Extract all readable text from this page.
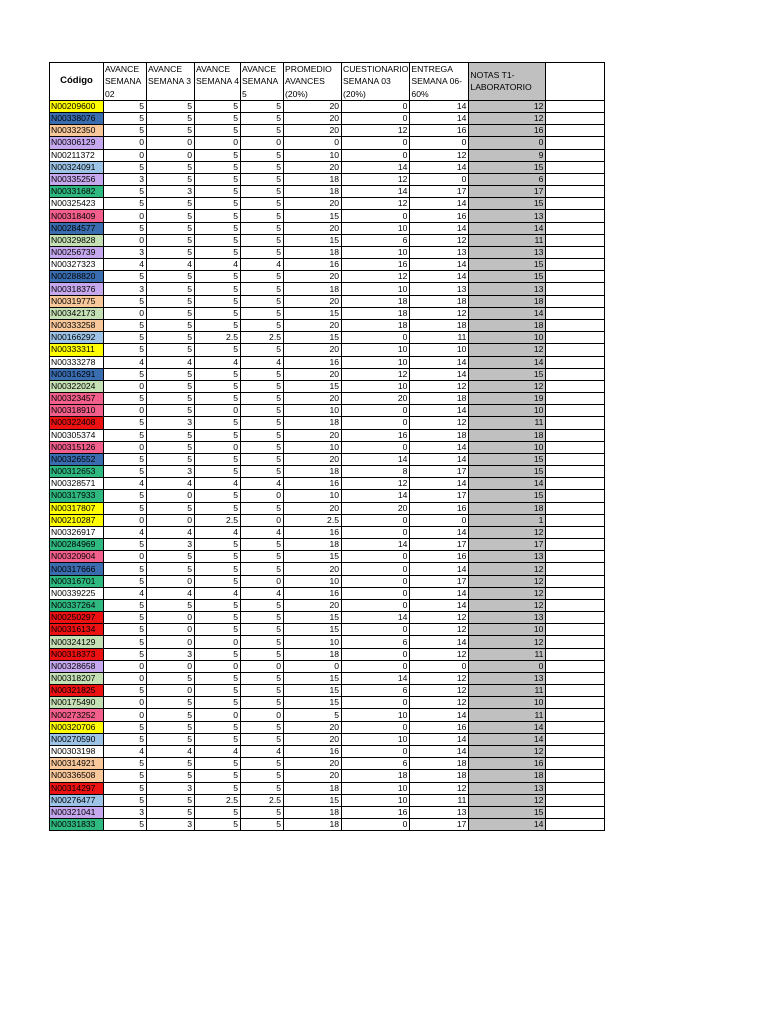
Código	AVANCE SEMANA 02	AVANCE SEMANA 3	AVANCE SEMANA 4	AVANCE SEMANA 5	PROMEDIO AVANCES (20%)	CUESTIONARIO SEMANA 03 (20%)	ENTREGA SEMANA 06- 60%	NOTAS T1- LABORATORIO	
N00209600	5	5	5	5	20	0	14	12	
N00338076	5	5	5	5	20	0	14	12	
N00332350	5	5	5	5	20	12	16	16	
N00306129	0	0	0	0	0	0	0	0	
N00211372	0	0	5	5	10	0	12	9	
N00324091	5	5	5	5	20	14	14	15	
N00335256	3	5	5	5	18	12	0	6	
N00331682	5	3	5	5	18	14	17	17	
N00325423	5	5	5	5	20	12	14	15	
N00318409	0	5	5	5	15	0	16	13	
N00284577	5	5	5	5	20	10	14	14	
N00329828	0	5	5	5	15	6	12	11	
N00256739	3	5	5	5	18	10	13	13	
N00327323	4	4	4	4	16	16	14	15	
N00288820	5	5	5	5	20	12	14	15	
N00318376	3	5	5	5	18	10	13	13	
N00319775	5	5	5	5	20	18	18	18	
N00342173	0	5	5	5	15	18	12	14	
N00333258	5	5	5	5	20	18	18	18	
N00166292	5	5	2.5	2.5	15	0	11	10	
N00333311	5	5	5	5	20	10	10	12	
N00333278	4	4	4	4	16	10	14	14	
N00316291	5	5	5	5	20	12	14	15	
N00322024	0	5	5	5	15	10	12	12	
N00323457	5	5	5	5	20	20	18	19	
N00318910	0	5	0	5	10	0	14	10	
N00322408	5	3	5	5	18	0	12	11	
N00305374	5	5	5	5	20	16	18	18	
N00315126	0	5	0	5	10	0	14	10	
N00326552	5	5	5	5	20	14	14	15	
N00312653	5	3	5	5	18	8	17	15	
N00328571	4	4	4	4	16	12	14	14	
N00317933	5	0	5	0	10	14	17	15	
N00317807	5	5	5	5	20	20	16	18	
N00210287	0	0	2.5	0	2.5	0	0	1	
N00326917	4	4	4	4	16	0	14	12	
N00284969	5	3	5	5	18	14	17	17	
N00320904	0	5	5	5	15	0	16	13	
N00317666	5	5	5	5	20	0	14	12	
N00316701	5	0	5	0	10	0	17	12	
N00339225	4	4	4	4	16	0	14	12	
N00337264	5	5	5	5	20	0	14	12	
N00250297	5	0	5	5	15	14	12	13	
N00316134	5	0	5	5	15	0	12	10	
N00324129	5	0	0	5	10	6	14	12	
N00318373	5	3	5	5	18	0	12	11	
N00328658	0	0	0	0	0	0	0	0	
N00318207	0	5	5	5	15	14	12	13	
N00321825	5	0	5	5	15	6	12	11	
N00175490	0	5	5	5	15	0	12	10	
N00273252	0	5	0	0	5	10	14	11	
N00320706	5	5	5	5	20	0	16	14	
N00270590	5	5	5	5	20	10	14	14	
N00303198	4	4	4	4	16	0	14	12	
N00314921	5	5	5	5	20	6	18	16	
N00336508	5	5	5	5	20	18	18	18	
N00314297	5	3	5	5	18	10	12	13	
N00276477	5	5	2.5	2.5	15	10	11	12	
N00321041	3	5	5	5	18	16	13	15	
N00331833	5	3	5	5	18	0	17	14	
